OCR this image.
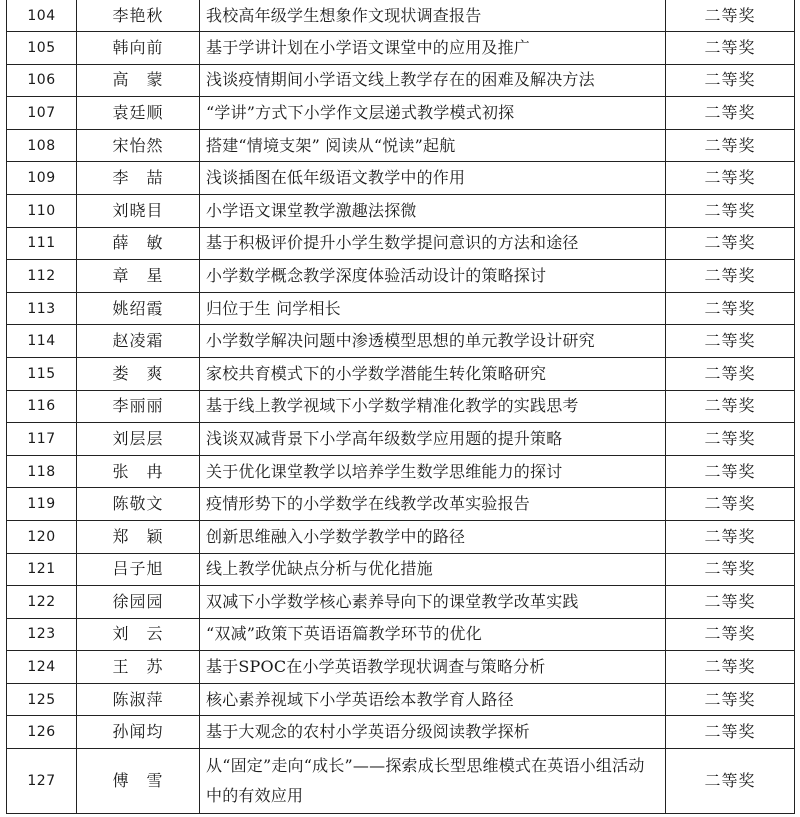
104	李艳秋	我校高年级学生想象作文现状调查报告	二等奖
105	韩向前	基于学讲计划在小学语文课堂中的应用及推广	二等奖
106	高　蒙	浅谈疫情期间小学语文线上教学存在的困难及解决方法	二等奖
107	袁廷顺	“学讲”方式下小学作文层递式教学模式初探	二等奖
108	宋怡然	搭建“情境支架” 阅读从“悦读”起航	二等奖
109	李　喆	浅谈插图在低年级语文教学中的作用	二等奖
110	刘晓目	小学语文课堂教学激趣法探微	二等奖
111	薛　敏	基于积极评价提升小学生数学提问意识的方法和途径	二等奖
112	章　星	小学数学概念教学深度体验活动设计的策略探讨	二等奖
113	姚绍霞	归位于生 问学相长	二等奖
114	赵凌霜	小学数学解决问题中渗透模型思想的单元教学设计研究	二等奖
115	娄　爽	家校共育模式下的小学数学潜能生转化策略研究	二等奖
116	李丽丽	基于线上教学视域下小学数学精准化教学的实践思考	二等奖
117	刘层层	浅谈双减背景下小学高年级数学应用题的提升策略	二等奖
118	张　冉	关于优化课堂教学以培养学生数学思维能力的探讨	二等奖
119	陈敬文	疫情形势下的小学数学在线教学改革实验报告	二等奖
120	郑　颖	创新思维融入小学数学教学中的路径	二等奖
121	吕子旭	线上教学优缺点分析与优化措施	二等奖
122	徐园园	双减下小学数学核心素养导向下的课堂教学改革实践	二等奖
123	刘　云	“双减”政策下英语语篇教学环节的优化	二等奖
124	王　苏	基于SPOC在小学英语教学现状调查与策略分析	二等奖
125	陈淑萍	核心素养视域下小学英语绘本教学育人路径	二等奖
126	孙闻均	基于大观念的农村小学英语分级阅读教学探析	二等奖
127	傅　雪	从“固定”走向“成长”——探索成长型思维模式在英语小组活动中的有效应用	二等奖
